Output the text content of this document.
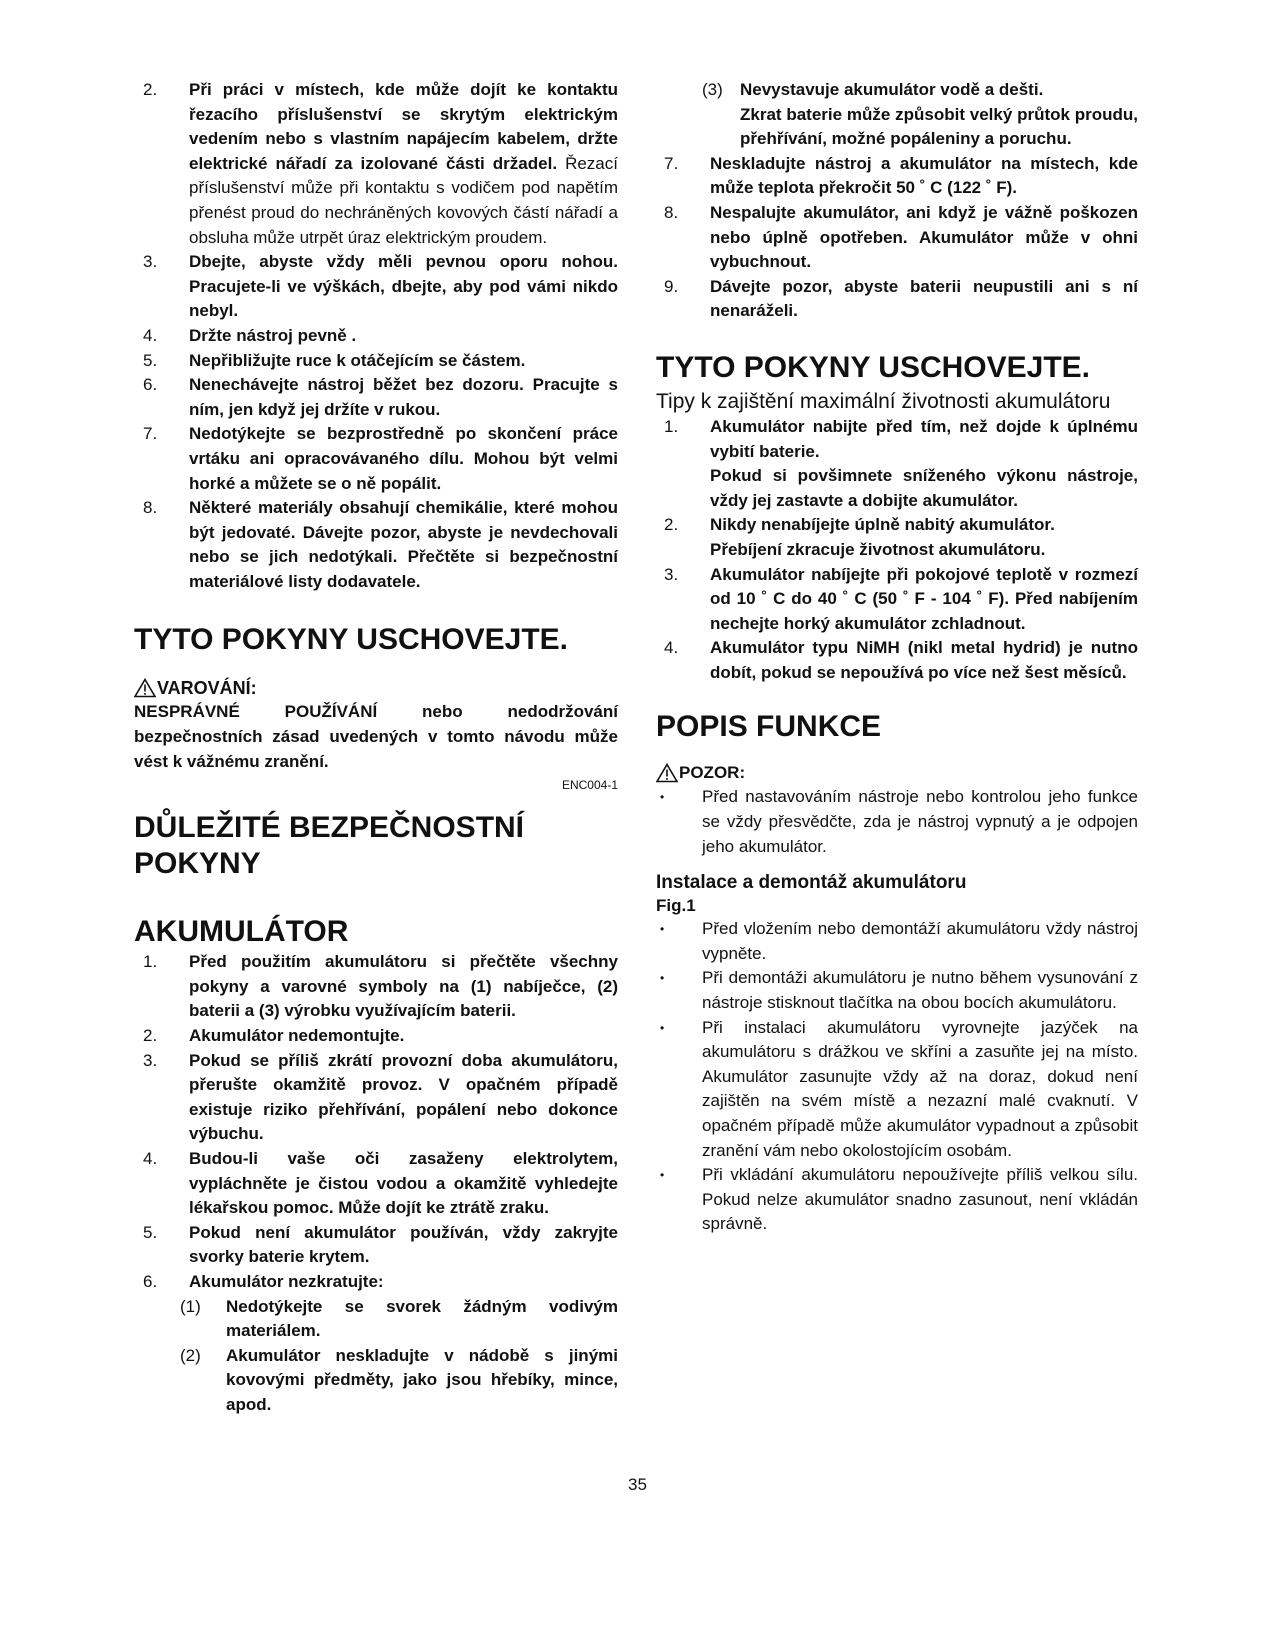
2.	Při práci v místech, kde může dojít ke kontaktu řezacího příslušenství se skrytým elektrickým vedením nebo s vlastním napájecím kabelem, držte elektrické nářadí za izolované části držadel. Řezací příslušenství může při kontaktu s vodičem pod napětím přenést proud do nechráněných kovových částí nářadí a obsluha může utrpět úraz elektrickým proudem.
3.	Dbejte, abyste vždy měli pevnou oporu nohou. Pracujete-li ve výškách, dbejte, aby pod vámi nikdo nebyl.
4.	Držte nástroj pevně .
5.	Nepřibližujte ruce k otáčejícím se částem.
6.	Nenechávejte nástroj běžet bez dozoru. Pracujte s ním, jen když jej držíte v rukou.
7.	Nedotýkejte se bezprostředně po skončení práce vrtáku ani opracovávaného dílu. Mohou být velmi horké a můžete se o ně popálit.
8.	Některé materiály obsahují chemikálie, které mohou být jedovaté. Dávejte pozor, abyste je nevdechovali nebo se jich nedotýkali. Přečtěte si bezpečnostní materiálové listy dodavatele.
TYTO POKYNY USCHOVEJTE.
VAROVÁNÍ:
NESPRÁVNÉ POUŽÍVÁNÍ nebo nedodržování bezpečnostních zásad uvedených v tomto návodu může vést k vážnému zranění.
ENC004-1
DŮLEŽITÉ BEZPEČNOSTNÍ POKYNY
AKUMULÁTOR
1.	Před použitím akumulátoru si přečtěte všechny pokyny a varovné symboly na (1) nabíječce, (2) baterii a (3) výrobku využívajícím baterii.
2.	Akumulátor nedemontujte.
3.	Pokud se příliš zkrátí provozní doba akumulátoru, přerušte okamžitě provoz. V opačném případě existuje riziko přehřívání, popálení nebo dokonce výbuchu.
4.	Budou-li vaše oči zasaženy elektrolytem, vypláchněte je čistou vodou a okamžitě vyhledejte lékařskou pomoc. Může dojít ke ztrátě zraku.
5.	Pokud není akumulátor používán, vždy zakryjte svorky baterie krytem.
6.	Akumulátor nezkratujte:
(1)	Nedotýkejte se svorek žádným vodivým materiálem.
(2)	Akumulátor neskladujte v nádobě s jinými kovovými předměty, jako jsou hřebíky, mince, apod.
(3)	Nevystavuje akumulátor vodě a dešti.
Zkrat baterie může způsobit velký průtok proudu, přehřívání, možné popáleniny a poruchu.
7.	Neskladujte nástroj a akumulátor na místech, kde může teplota překročit 50 ˚ C (122 ˚ F).
8.	Nespalujte akumulátor, ani když je vážně poškozen nebo úplně opotřeben. Akumulátor může v ohni vybuchnout.
9.	Dávejte pozor, abyste baterii neupustili ani s ní nenaráželi.
TYTO POKYNY USCHOVEJTE.
Tipy k zajištění maximální životnosti akumulátoru
1.	Akumulátor nabijte před tím, než dojde k úplnému vybití baterie.
Pokud si povšimnete sníženého výkonu nástroje, vždy jej zastavte a dobijte akumulátor.
2.	Nikdy nenabíjejte úplně nabitý akumulátor.
Přebíjení zkracuje životnost akumulátoru.
3.	Akumulátor nabíjejte při pokojové teplotě v rozmezí od 10 ˚ C do 40 ˚ C (50 ˚ F - 104 ˚ F). Před nabíjením nechejte horký akumulátor zchladnout.
4.	Akumulátor typu NiMH (nikl metal hydrid) je nutno dobít, pokud se nepoužívá po více než šest měsíců.
POPIS FUNKCE
POZOR:
•	Před nastavováním nástroje nebo kontrolou jeho funkce se vždy přesvědčte, zda je nástroj vypnutý a je odpojen jeho akumulátor.
Instalace a demontáž akumulátoru
Fig.1
•	Před vložením nebo demontáží akumulátoru vždy nástroj vypněte.
•	Při demontáži akumulátoru je nutno během vysunování z nástroje stisknout tlačítka na obou bocích akumulátoru.
•	Při instalaci akumulátoru vyrovnejte jazýček na akumulátoru s drážkou ve skříni a zasuňte jej na místo. Akumulátor zasunujte vždy až na doraz, dokud není zajištěn na svém místě a nezazní malé cvaknutí. V opačném případě může akumulátor vypadnout a způsobit zranění vám nebo okolostojícím osobám.
•	Při vkládání akumulátoru nepoužívejte příliš velkou sílu. Pokud nelze akumulátor snadno zasunout, není vkládán správně.
35
